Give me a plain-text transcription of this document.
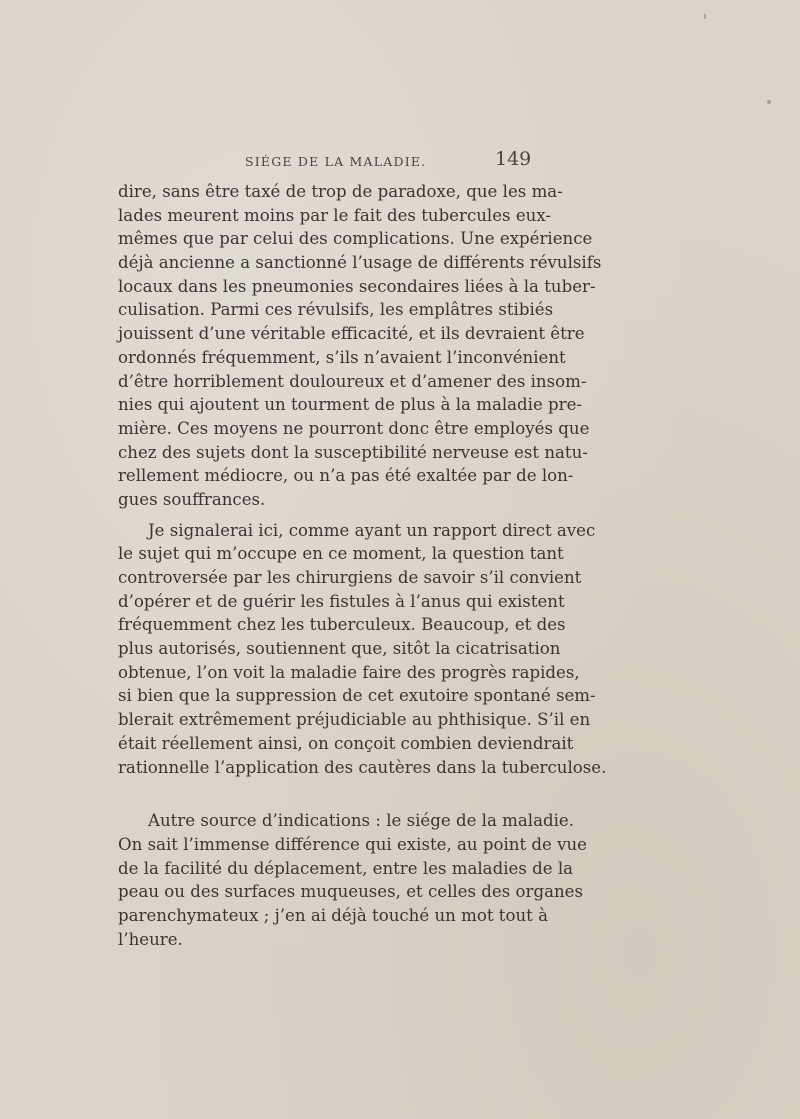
SIÉGE DE LA MALADIE.	149
dire, sans être taxé de trop de paradoxe, que les ma-
lades meurent moins par le fait des tubercules eux-
mêmes que par celui des complications. Une expérience
déjà ancienne a sanctionné l’usage de différents révulsifs
locaux dans les pneumonies secondaires liées à la tuber-
culisation. Parmi ces révulsifs, les emplâtres stibiés
jouissent d’une véritable efficacité, et ils devraient être
ordonnés fréquemment, s’ils n’avaient l’inconvénient
d’être horriblement douloureux et d’amener des insom-
nies qui ajoutent un tourment de plus à la maladie pre-
mière. Ces moyens ne pourront donc être employés que
chez des sujets dont la susceptibilité nerveuse est natu-
rellement médiocre, ou n’a pas été exaltée par de lon-
gues souffrances.
Je signalerai ici, comme ayant un rapport direct avec
le sujet qui m’occupe en ce moment, la question tant
controversée par les chirurgiens de savoir s’il convient
d’opérer et de guérir les fistules à l’anus qui existent
fréquemment chez les tuberculeux. Beaucoup, et des
plus autorisés, soutiennent que, sitôt la cicatrisation
obtenue, l’on voit la maladie faire des progrès rapides,
si bien que la suppression de cet exutoire spontané sem-
blerait extrêmement préjudiciable au phthisique. S’il en
était réellement ainsi, on conçoit combien deviendrait
rationnelle l’application des cautères dans la tuberculose.
Autre source d’indications : le siége de la maladie.
On sait l’immense différence qui existe, au point de vue
de la facilité du déplacement, entre les maladies de la
peau ou des surfaces muqueuses, et celles des organes
parenchymateux ; j’en ai déjà touché un mot tout à
l’heure.
